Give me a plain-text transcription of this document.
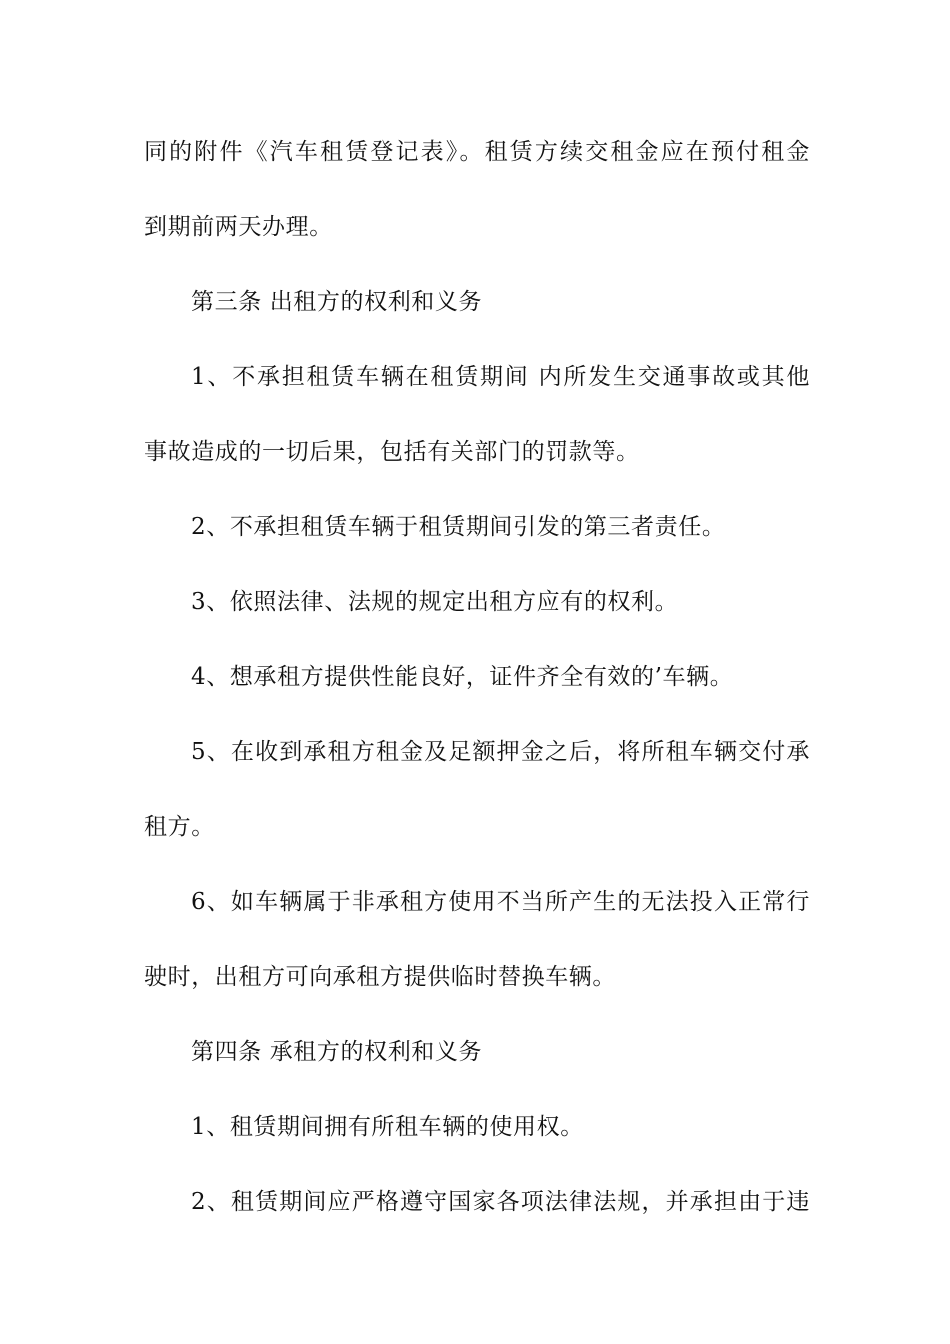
同的附件《汽车租赁登记表》。租赁方续交租金应在预付租金
到期前两天办理。
第三条 出租方的权利和义务
1、不承担租赁车辆在租赁期间 内所发生交通事故或其他
事故造成的一切后果，包括有关部门的罚款等。
2、不承担租赁车辆于租赁期间引发的第三者责任。
3、依照法律、法规的规定出租方应有的权利。
4、想承租方提供性能良好，证件齐全有效的’车辆。
5、在收到承租方租金及足额押金之后，将所租车辆交付承
租方。
6、如车辆属于非承租方使用不当所产生的无法投入正常行
驶时，出租方可向承租方提供临时替换车辆。
第四条 承租方的权利和义务
1、租赁期间拥有所租车辆的使用权。
2、租赁期间应严格遵守国家各项法律法规，并承担由于违
